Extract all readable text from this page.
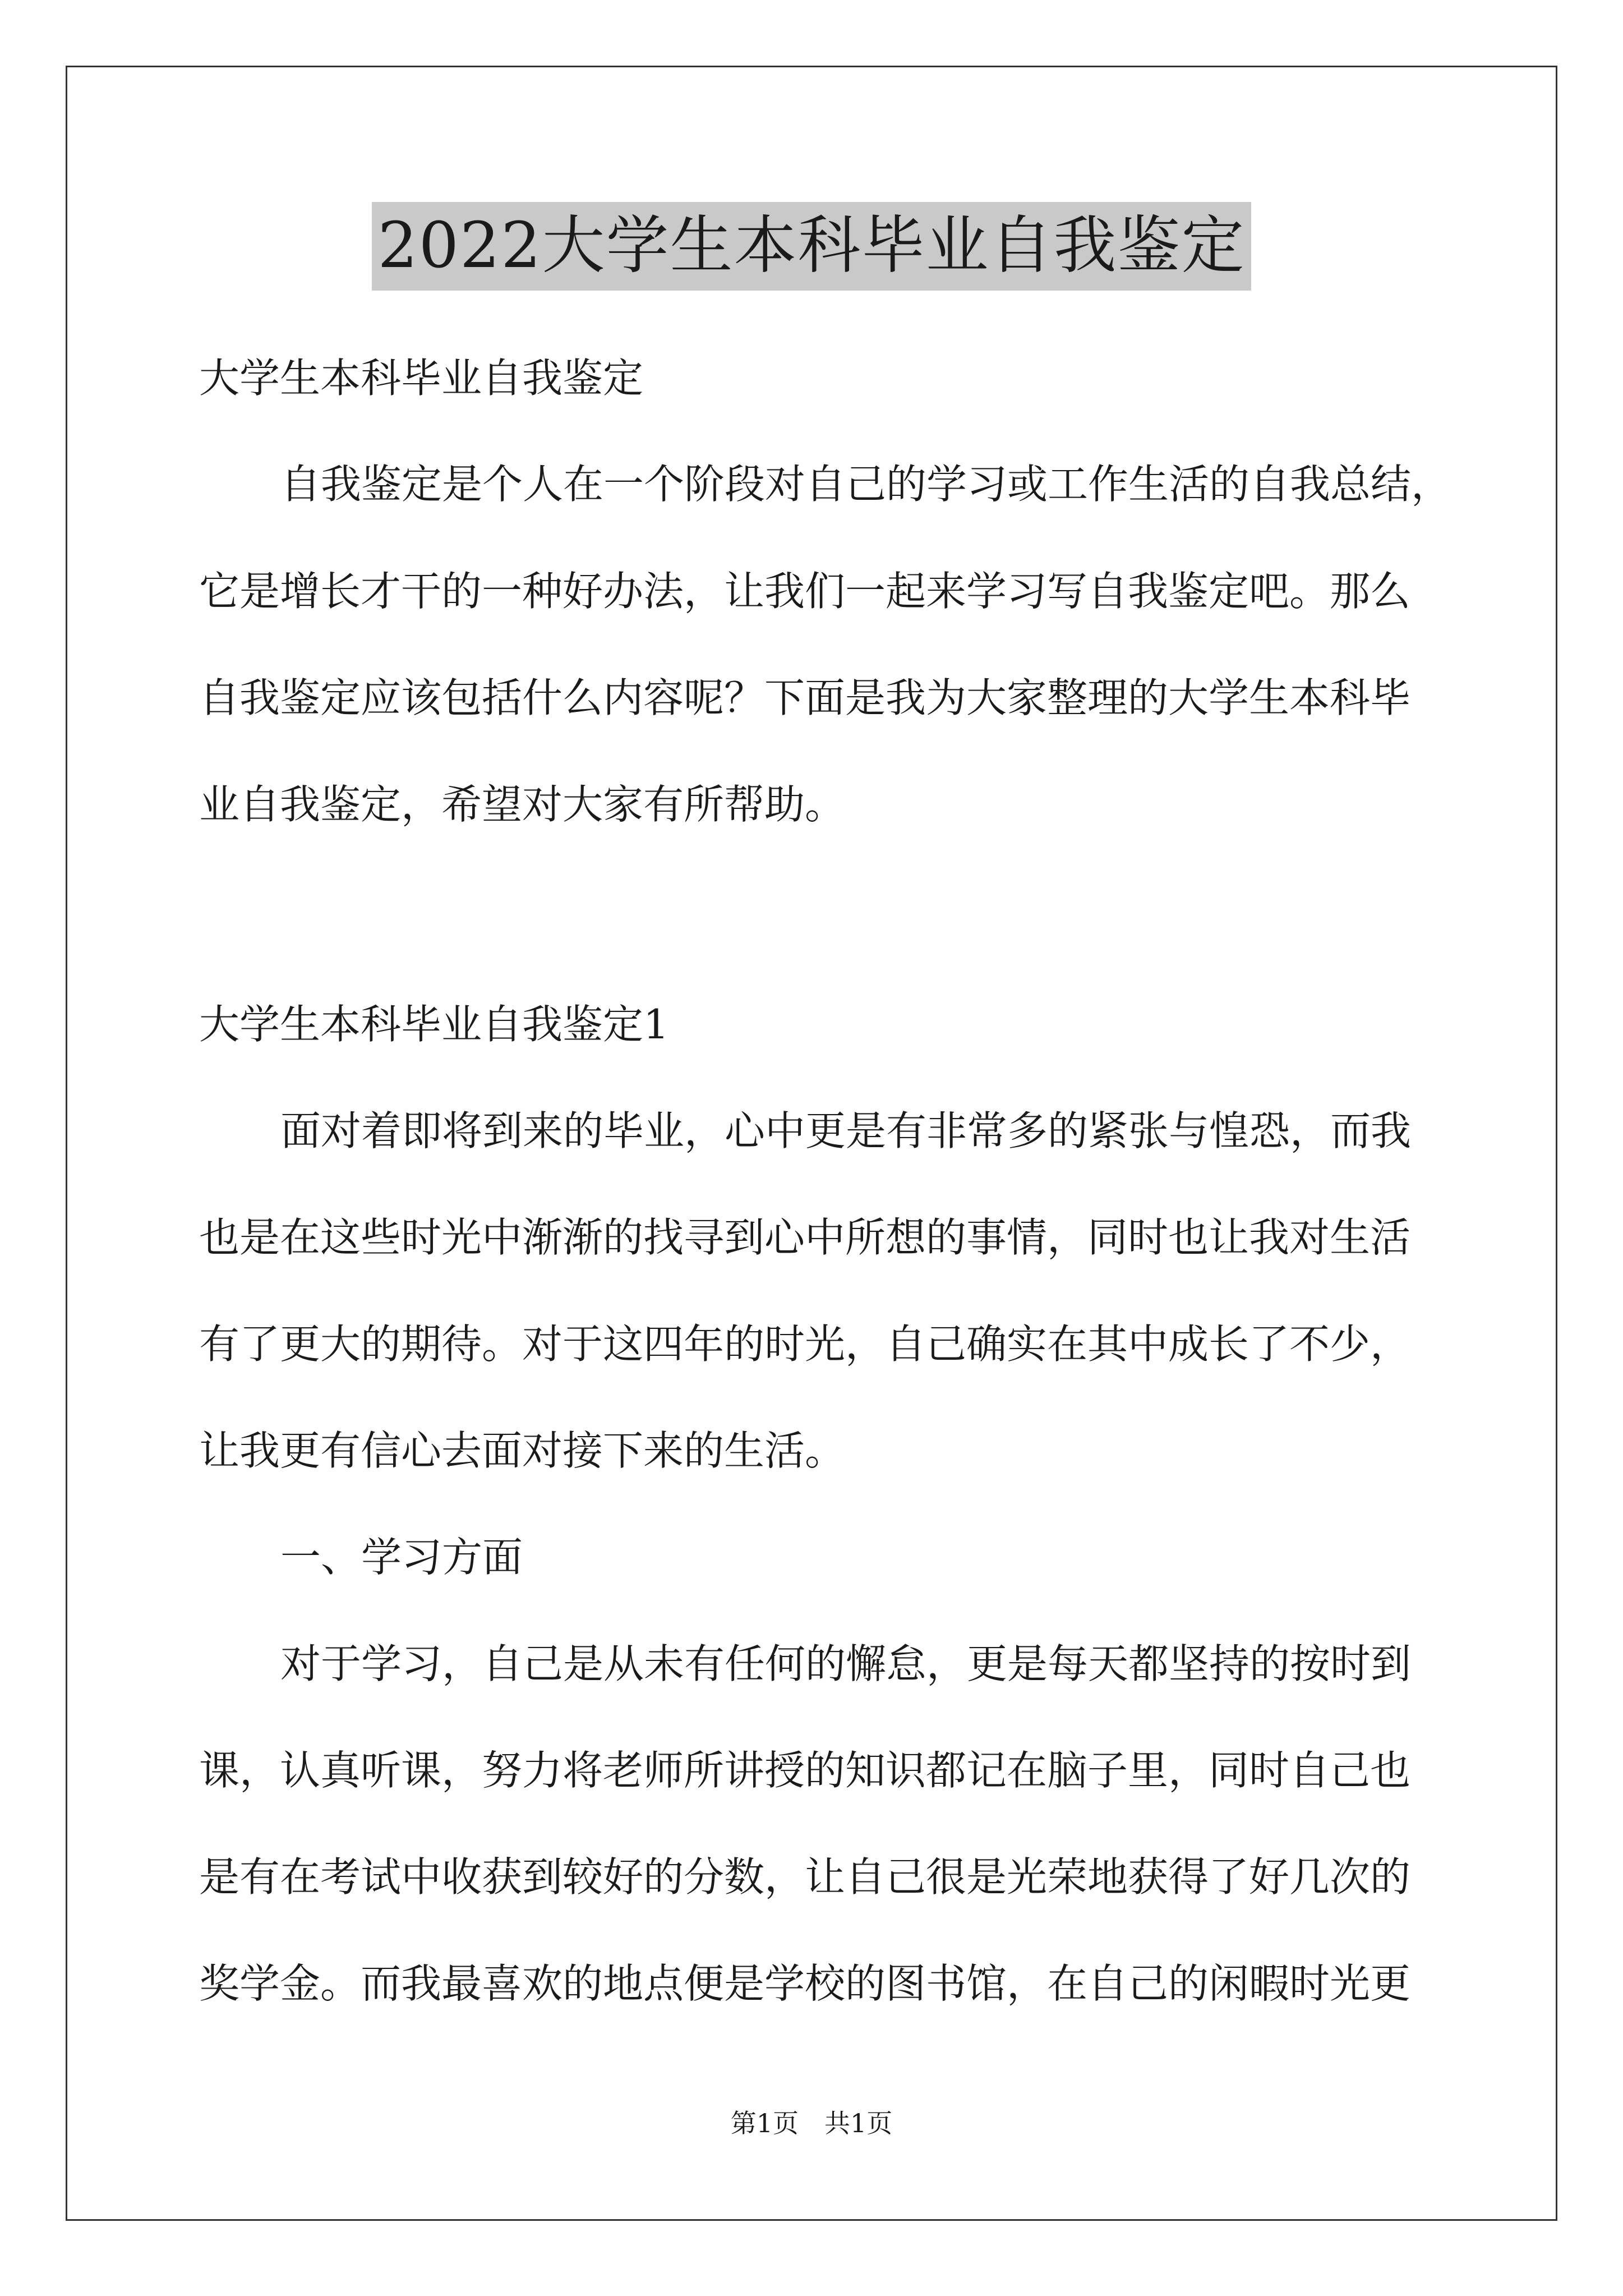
2022大学生本科毕业自我鉴定
大学生本科毕业自我鉴定
自我鉴定是个人在一个阶段对自己的学习或工作生活的自我总结，
它是增长才干的一种好办法，让我们一起来学习写自我鉴定吧。那么
自我鉴定应该包括什么内容呢？下面是我为大家整理的大学生本科毕
业自我鉴定，希望对大家有所帮助。
大学生本科毕业自我鉴定1
面对着即将到来的毕业，心中更是有非常多的紧张与惶恐，而我
也是在这些时光中渐渐的找寻到心中所想的事情，同时也让我对生活
有了更大的期待。对于这四年的时光，自己确实在其中成长了不少，
让我更有信心去面对接下来的生活。
一、学习方面
对于学习，自己是从未有任何的懈怠，更是每天都坚持的按时到
课，认真听课，努力将老师所讲授的知识都记在脑子里，同时自己也
是有在考试中收获到较好的分数，让自己很是光荣地获得了好几次的
奖学金。而我最喜欢的地点便是学校的图书馆，在自己的闲暇时光更
第1页　共1页
